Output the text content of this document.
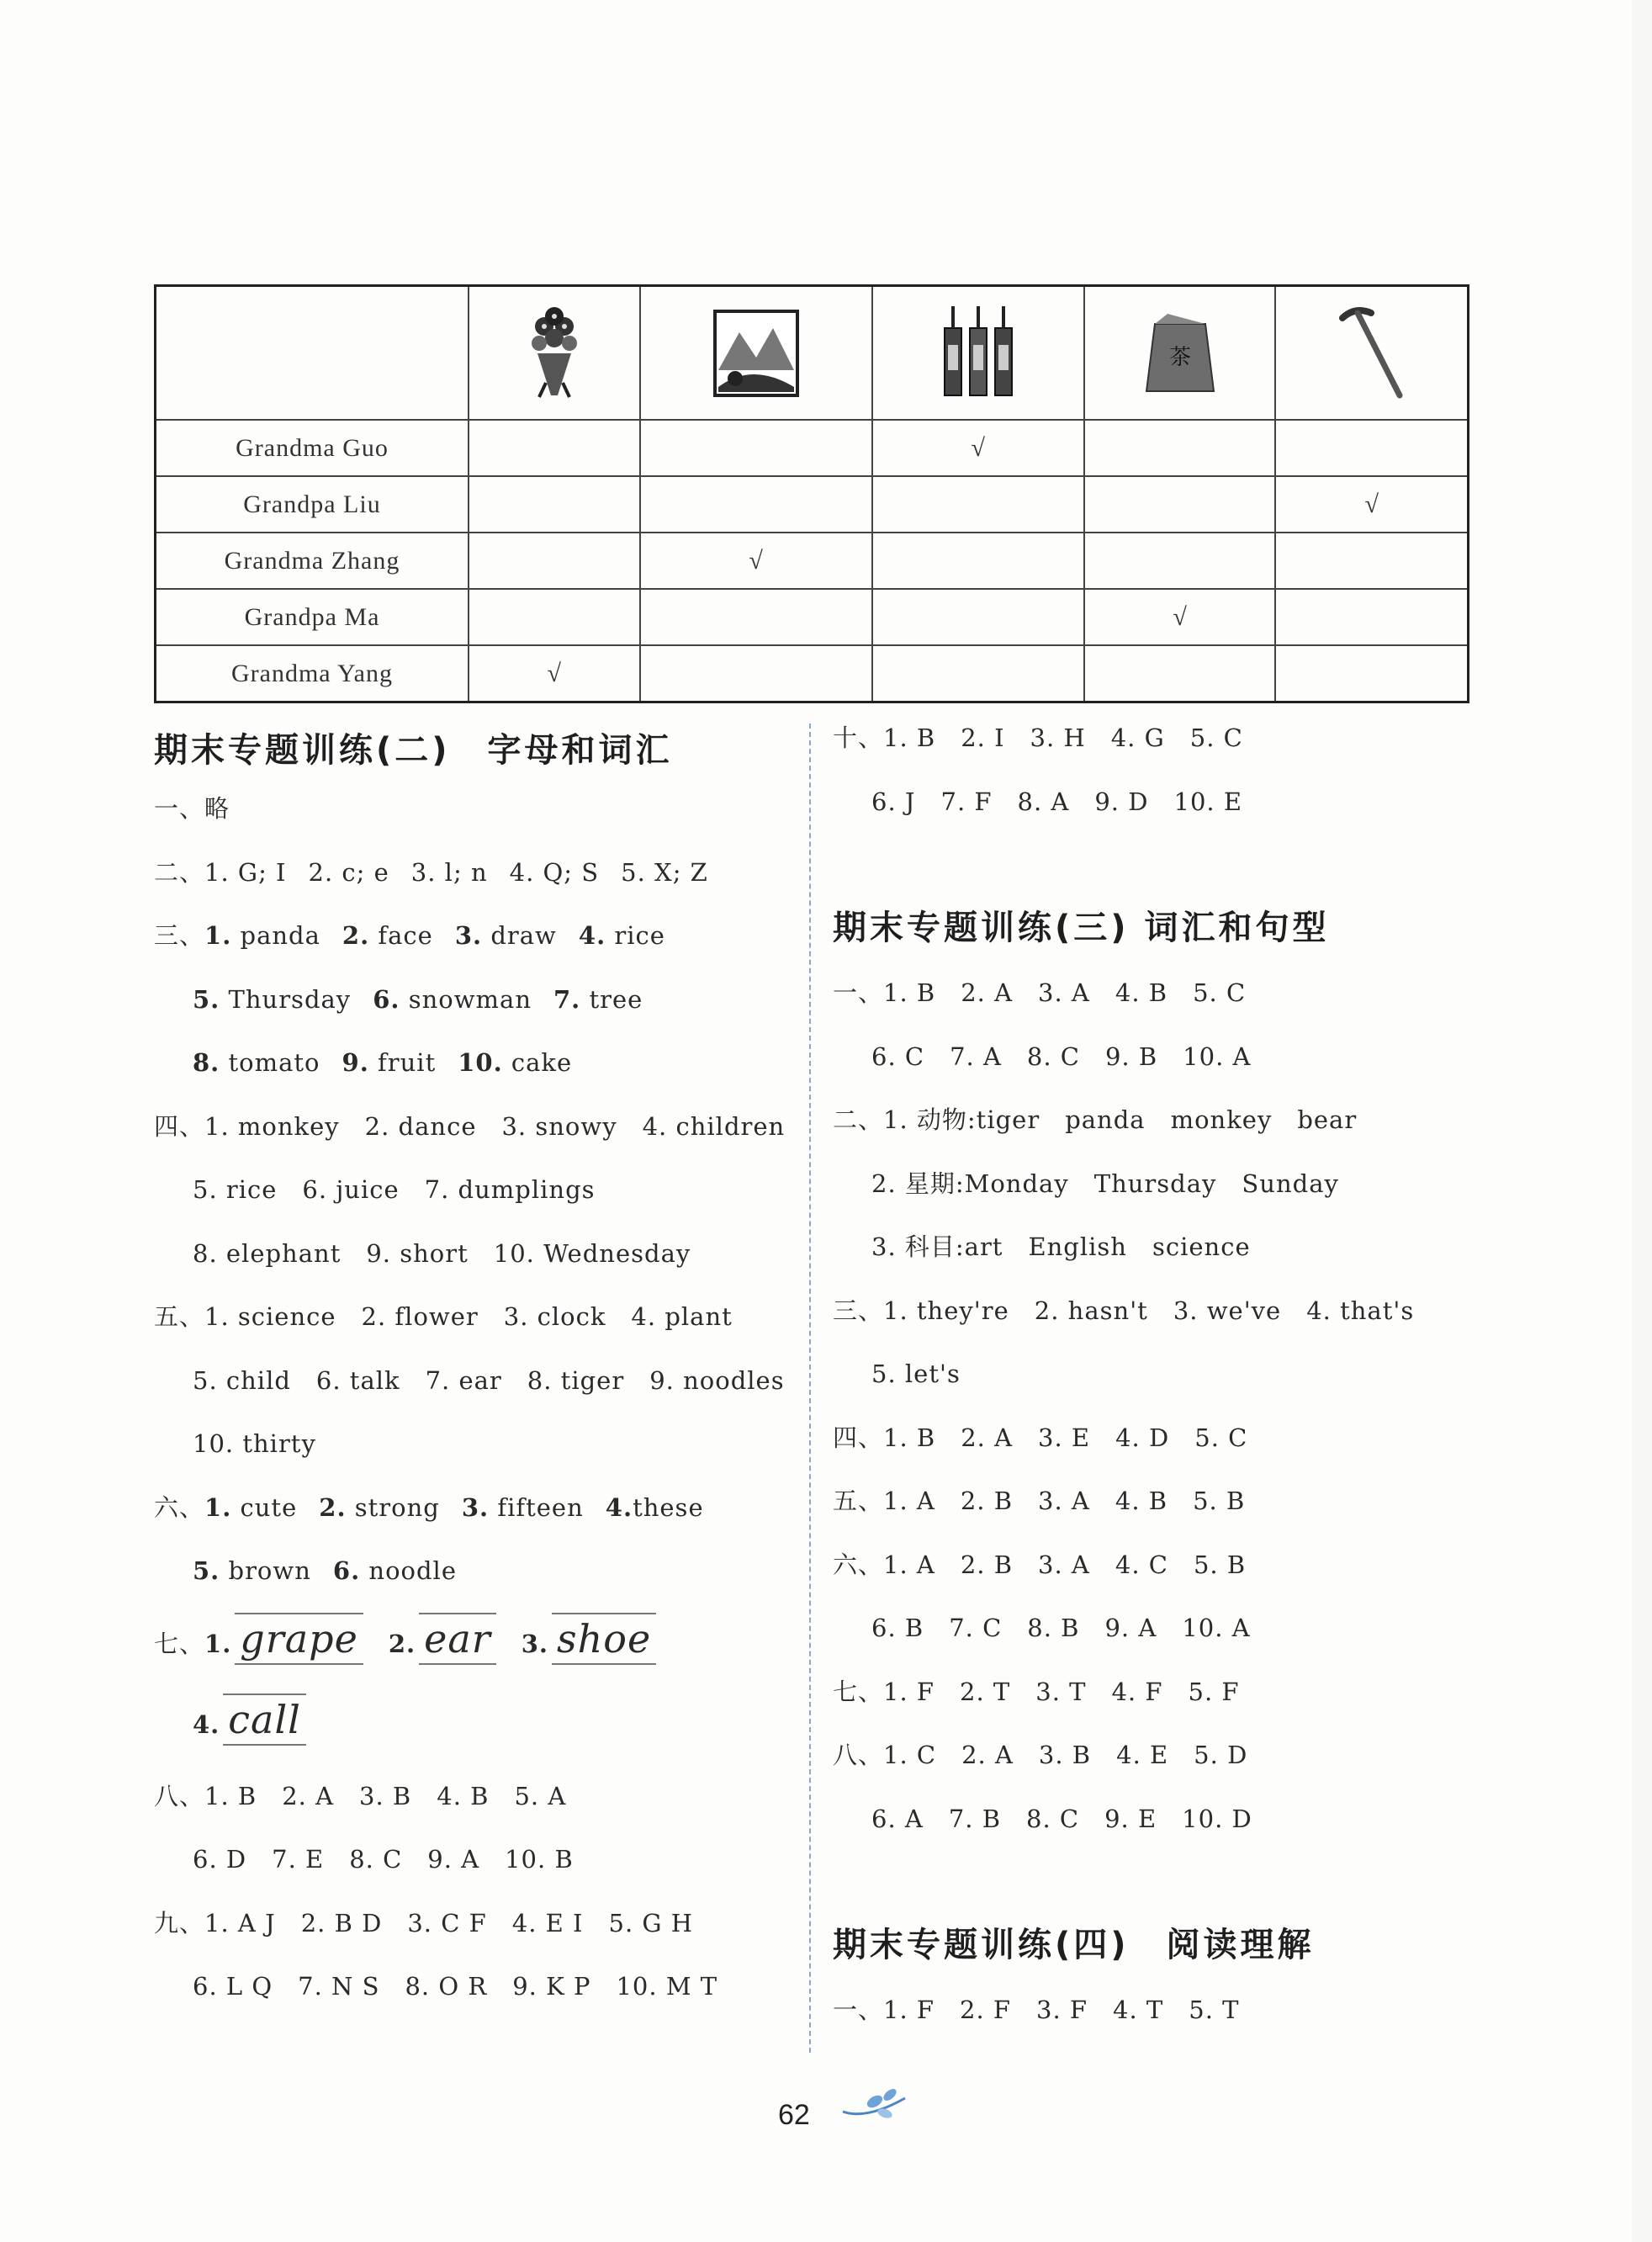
茶

Grandma Guo			√		
Grandpa Liu					√
Grandma Zhang		√			
Grandpa Ma				√	
Grandma Yang	√				
期末专题训练(二)　字母和词汇
一、略
二、1. G; I 2. c; e 3. l; n 4. Q; S 5. X; Z
三、1. panda 2. face 3. draw 4. rice
5. Thursday 6. snowman 7. tree
8. tomato 9. fruit 10. cake
四、1. monkey　2. dance　3. snowy　4. children
5. rice　6. juice　7. dumplings
8. elephant　9. short　10. Wednesday
五、1. science　2. flower　3. clock　4. plant
5. child　6. talk　7. ear　8. tiger　9. noodles
10. thirty
六、1. cute 2. strong 3. fifteen 4.these
5. brown 6. noodle
七、1. grape 2. ear 3. shoe
4. call
八、1. B　2. A　3. B　4. B　5. A
6. D　7. E　8. C　9. A　10. B
九、1. A J　2. B D　3. C F　4. E I　5. G H
6. L Q　7. N S　8. O R　9. K P　10. M T
十、1. B　2. I　3. H　4. G　5. C
6. J　7. F　8. A　9. D　10. E
期末专题训练(三) 词汇和句型
一、1. B　2. A　3. A　4. B　5. C
6. C　7. A　8. C　9. B　10. A
二、1. 动物:tiger　panda　monkey　bear
2. 星期:Monday　Thursday　Sunday
3. 科目:art　English　science
三、1. they're　2. hasn't　3. we've　4. that's
5. let's
四、1. B　2. A　3. E　4. D　5. C
五、1. A　2. B　3. A　4. B　5. B
六、1. A　2. B　3. A　4. C　5. B
6. B　7. C　8. B　9. A　10. A
七、1. F　2. T　3. T　4. F　5. F
八、1. C　2. A　3. B　4. E　5. D
6. A　7. B　8. C　9. E　10. D
期末专题训练(四)　阅读理解
一、1. F　2. F　3. F　4. T　5. T
62
